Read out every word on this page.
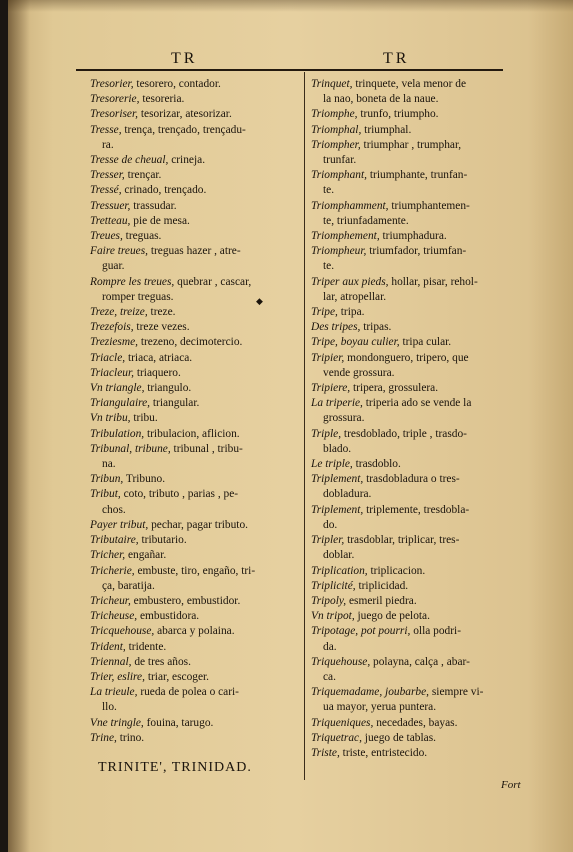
TR	TR

Tresorier, tesorero, contador.

Tresorerie, tesoreria.

Tresoriser, tesorizar, atesorizar.

Tresse, trença, trençado, trençadu-

ra.

Tresse de cheual, crineja.

Tresser, trençar.

Tressé, crinado, trençado.

Tressuer, trassudar.

Tretteau, pie de mesa.

Treues, treguas.

Faire treues, treguas hazer , atre-

guar.

Rompre les treues, quebrar , cascar,

romper treguas.

Treze, treize, treze.

Trezefois, treze vezes.

Treziesme, trezeno, decimotercio.

Triacle, triaca, atriaca.

Triacleur, triaquero.

Vn triangle, triangulo.

Triangulaire, triangular.

Vn tribu, tribu.

Tribulation, tribulacion, aflicion.

Tribunal, tribune, tribunal , tribu-

na.

Tribun, Tribuno.

Tribut, coto, tributo , parias , pe-

chos.

Payer tribut, pechar, pagar tributo.

Tributaire, tributario.

Tricher, engañar.

Tricherie, embuste, tiro, engaño, tri-

ça, baratija.

Tricheur, embustero, embustidor.

Tricheuse, embustidora.

Tricquehouse, abarca y polaina.

Trident, tridente.

Triennal, de tres años.

Trier, eslire, triar, escoger.

La trieule, rueda de polea o cari-

llo.

Vne tringle, fouina, tarugo.

Trine, trino.

Trinquet, trinquete, vela menor de

la nao, boneta de la naue.

Triomphe, trunfo, triumpho.

Triomphal, triumphal.

Triompher, triumphar , trumphar,

trunfar.

Triomphant, triumphante, trunfan-

te.

Triomphamment, triumphantemen-

te, triunfadamente.

Triomphement, triumphadura.

Triompheur, triumfador, triumfan-

te.

Triper aux pieds, hollar, pisar, rehol-

lar, atropellar.

Tripe, tripa.

Des tripes, tripas.

Tripe, boyau culier, tripa cular.

Tripier, mondonguero, tripero, que

vende grossura.

Tripiere, tripera, grossulera.

La triperie, triperia ado se vende la

grossura.

Triple, tresdoblado, triple , trasdo-

blado.

Le triple, trasdoblo.

Triplement, trasdobladura o tres-

dobladura.

Triplement, triplemente, tresdobla-

do.

Tripler, trasdoblar, triplicar, tres-

doblar.

Triplication, triplicacion.

Triplicité, triplicidad.

Tripoly, esmeril piedra.

Vn tripot, juego de pelota.

Tripotage, pot pourri, olla podri-

da.

Triquehouse, polayna, calça , abar-

ca.

Triquemadame, joubarbe, siempre vi-

ua mayor, yerua puntera.

Triqueniques, necedades, bayas.

Triquetrac, juego de tablas.

Triste, triste, entristecido.

◆
TRINITE', TRINIDAD.
Fort
